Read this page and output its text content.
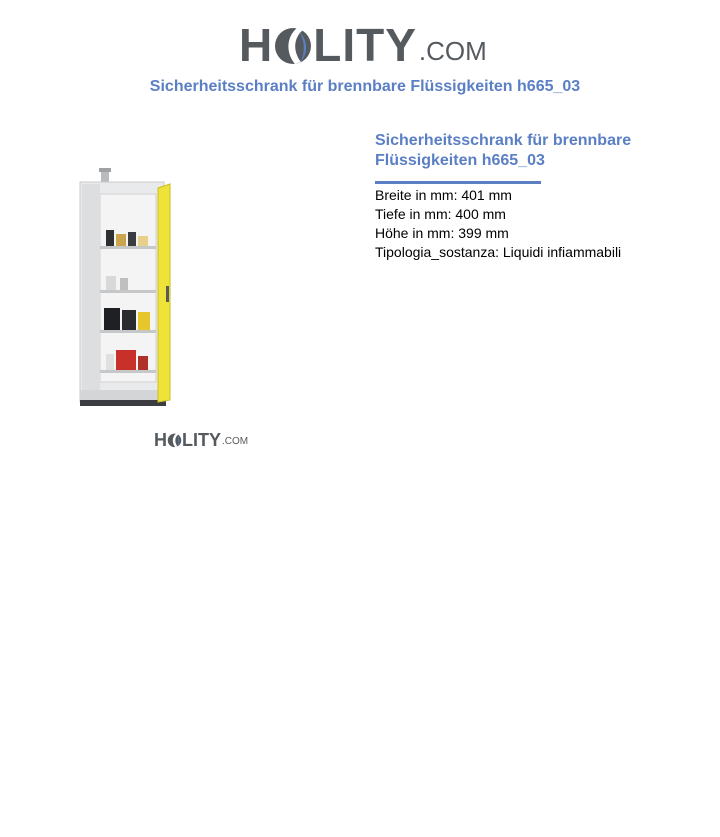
H LITY .COM
Sicherheitsschrank für brennbare Flüssigkeiten h665_03
H LITY .COM
Sicherheitsschrank für brennbare Flüssigkeiten h665_03
Breite in mm: 401 mm
Tiefe in mm: 400 mm
Höhe in mm: 399 mm
Tipologia_sostanza: Liquidi infiammabili
